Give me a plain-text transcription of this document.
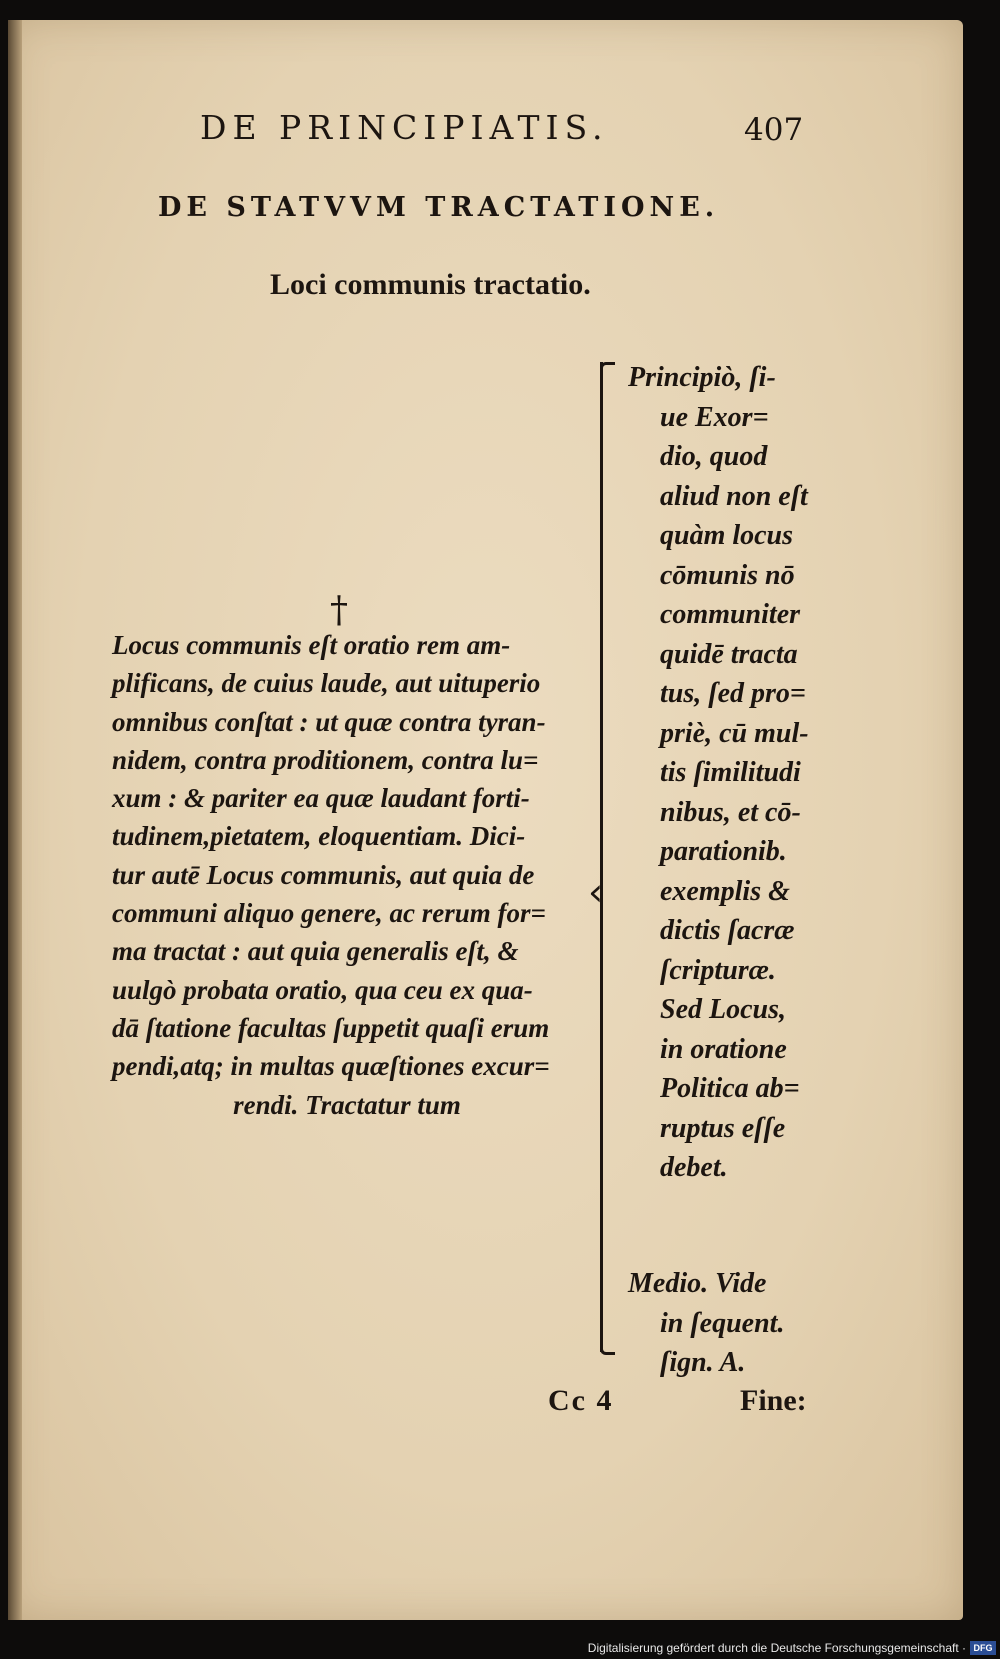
DE PRINCIPIATIS.	407
DE STATVVM TRACTATIONE.
Loci communis tractatio.
†
Locus communis eſt oratio rem am‑
plificans, de cuius laude, aut uituperio
omnibus conſtat : ut quæ contra tyran‑
nidem, contra proditionem, contra lu=
xum : & pariter ea quæ laudant forti‑
tudinem,pietatem, eloquentiam. Dici‑
tur autē Locus communis, aut quia de
communi aliquo genere, ac rerum for=
ma tractat : aut quia generalis eſt, &
uulgò probata oratio, qua ceu ex qua‑
dā ſtatione facultas ſuppetit quaſi erum
pendi,atq; in multas quæſtiones excur=
rendi. Tractatur tum
‹
Principiò, ſi‑
ue Exor=
dio, quod
aliud non eſt
quàm locus
cōmunis nō
communiter
quidē tracta
tus, ſed pro=
priè, cū mul‑
tis ſimilitudi
nibus, et cō‑
parationib.
exemplis &
dictis ſacræ
ſcripturæ.
Sed Locus,
in oratione
Politica ab=
ruptus eſſe
debet.
Medio. Vide
in ſequent.
ſign. A.
Cc 4	Fine:
Digitalisierung gefördert durch die Deutsche Forschungsgemeinschaft · DFG
